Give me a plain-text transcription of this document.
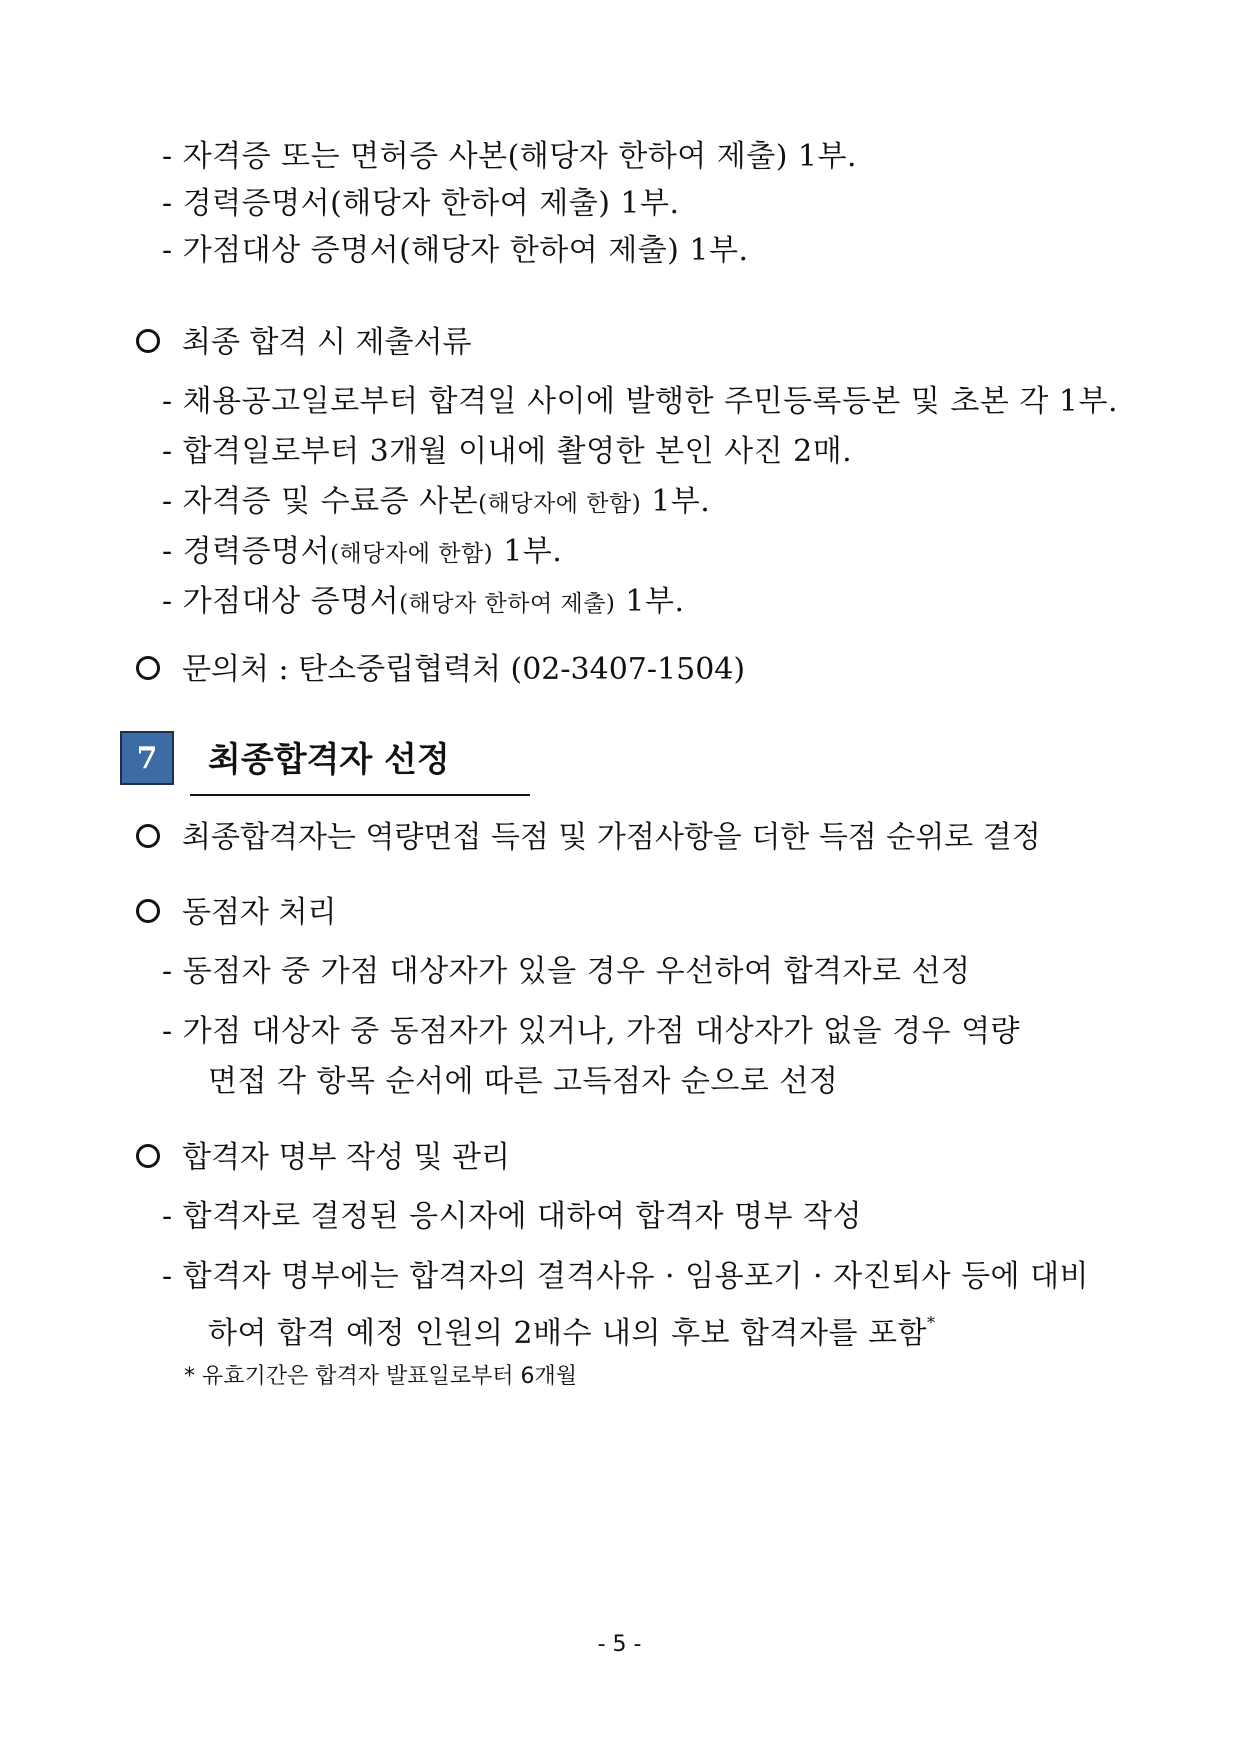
- 자격증 또는 면허증 사본(해당자 한하여 제출) 1부.
- 경력증명서(해당자 한하여 제출) 1부.
- 가점대상 증명서(해당자 한하여 제출) 1부.
최종 합격 시 제출서류
- 채용공고일로부터 합격일 사이에 발행한 주민등록등본 및 초본 각 1부.
- 합격일로부터 3개월 이내에 촬영한 본인 사진 2매.
- 자격증 및 수료증 사본(해당자에 한함) 1부.
- 경력증명서(해당자에 한함) 1부.
- 가점대상 증명서(해당자 한하여 제출) 1부.
문의처 : 탄소중립협력처 (02-3407-1504)
7	최종합격자 선정
최종합격자는 역량면접 득점 및 가점사항을 더한 득점 순위로 결정
동점자 처리
- 동점자 중 가점 대상자가 있을 경우 우선하여 합격자로 선정
- 가점 대상자 중 동점자가 있거나, 가점 대상자가 없을 경우 역량
면접 각 항목 순서에 따른 고득점자 순으로 선정
합격자 명부 작성 및 관리
- 합격자로 결정된 응시자에 대하여 합격자 명부 작성
- 합격자 명부에는 합격자의 결격사유 · 임용포기 · 자진퇴사 등에 대비
하여 합격 예정 인원의 2배수 내의 후보 합격자를 포함*
* 유효기간은 합격자 발표일로부터 6개월
- 5 -
